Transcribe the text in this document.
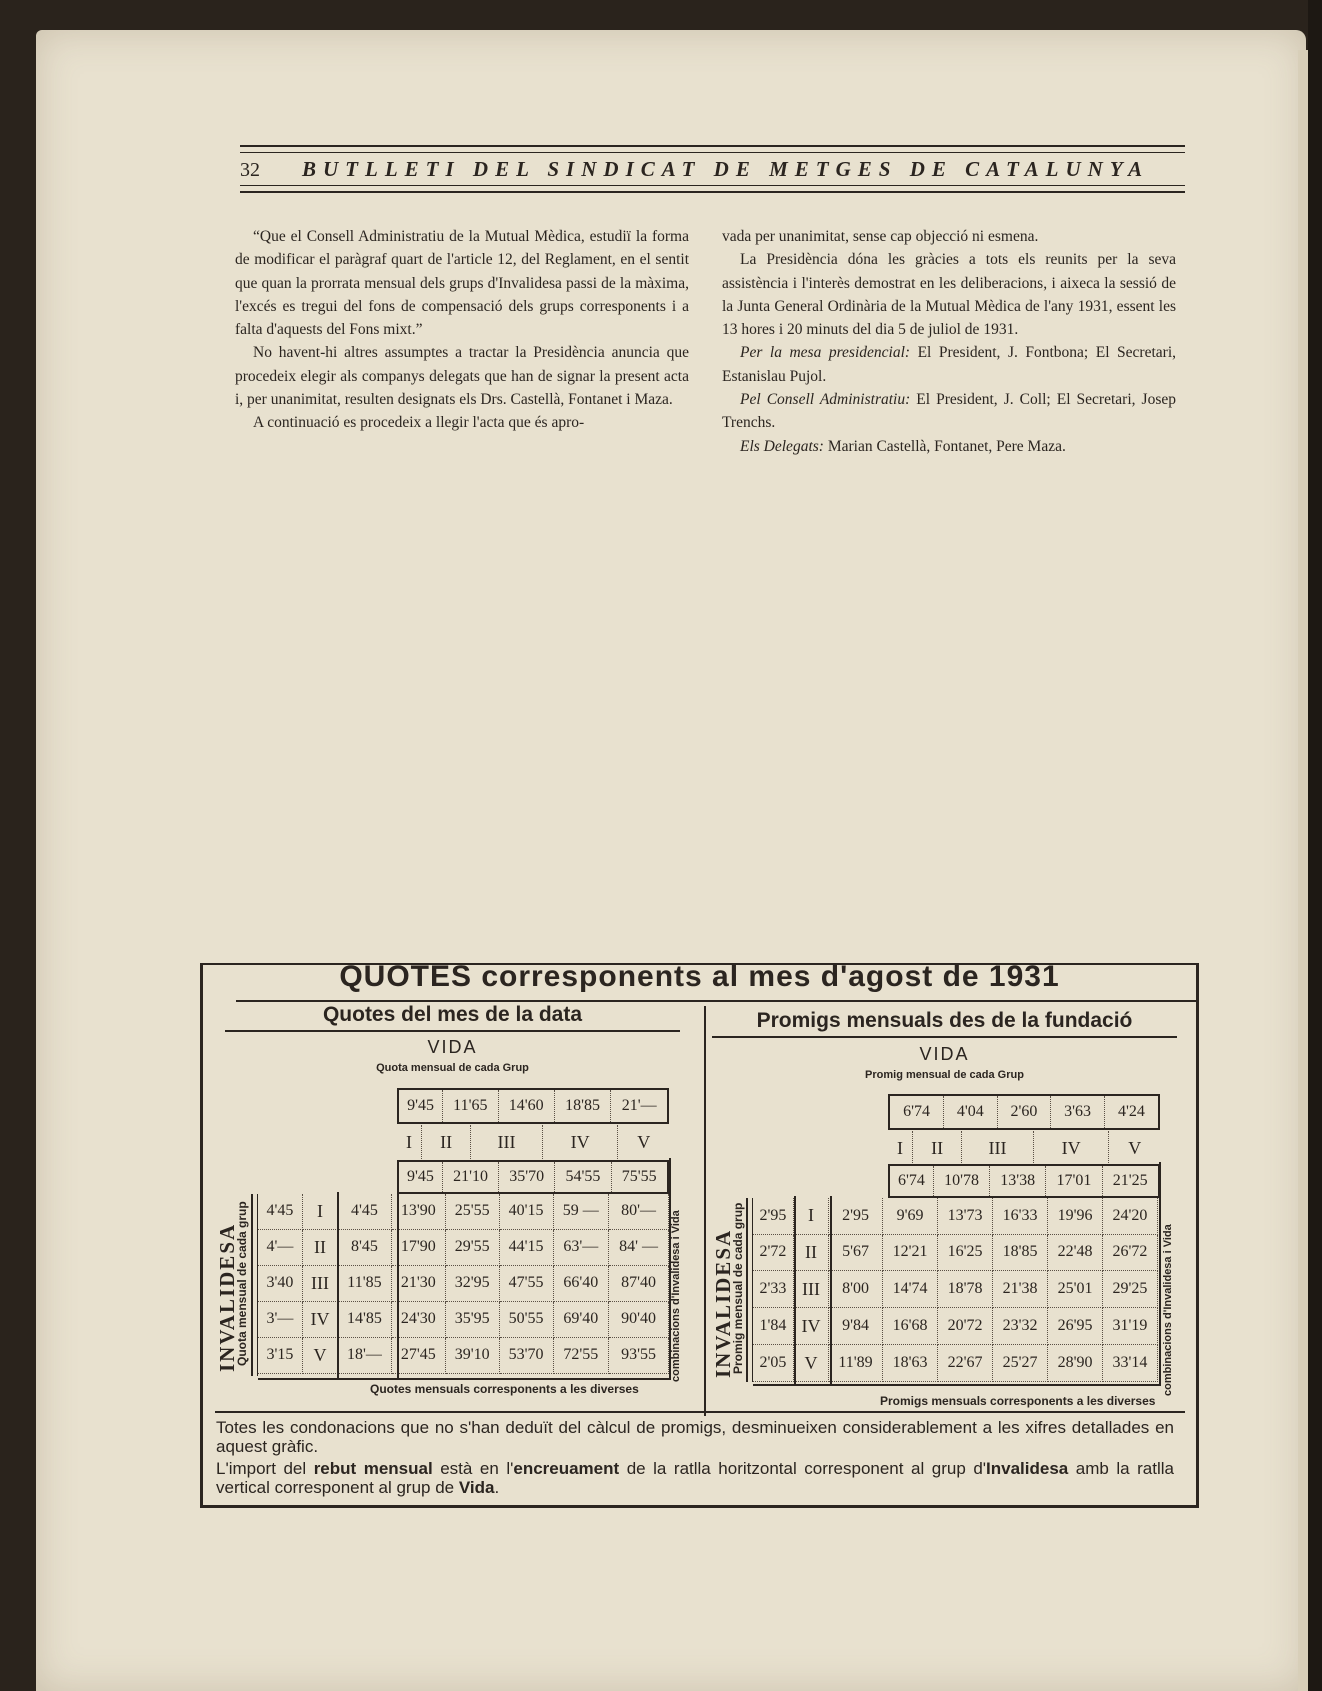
32 BUTLLETI DEL SINDICAT DE METGES DE CATALUNYA

“Que el Consell Administratiu de la Mutual Mèdica, estudiï la forma de modificar el paràgraf quart de l'article 12, del Reglament, en el sentit que quan la prorrata mensual dels grups d'Invalidesa passi de la màxima, l'excés es tregui del fons de compensació dels grups corresponents i a falta d'aquests del Fons mixt.”

No havent-hi altres assumptes a tractar la Presidència anuncia que procedeix elegir als companys delegats que han de signar la present acta i, per unanimitat, resulten designats els Drs. Castellà, Fontanet i Maza.

A continuació es procedeix a llegir l'acta que és apro-

vada per unanimitat, sense cap objecció ni esmena.

La Presidència dóna les gràcies a tots els reunits per la seva assistència i l'interès demostrat en les deliberacions, i aixeca la sessió de la Junta General Ordinària de la Mutual Mèdica de l'any 1931, essent les 13 hores i 20 minuts del dia 5 de juliol de 1931.

Per la mesa presidencial: El President, J. Fontbona; El Secretari, Estanislau Pujol.

Pel Consell Administratiu: El President, J. Coll; El Secretari, Josep Trenchs.

Els Delegats: Marian Castellà, Fontanet, Pere Maza.

QUOTES corresponents al mes d'agost de 1931
Quotes del mes de la data
VIDA
Quota mensual de cada Grup
Promigs mensuals des de la fundació
VIDA
Promig mensual de cada Grup
9'45	11'65	14'60	18'85	21'—
I	II	III	IV	V
9'45	21'10	35'70	54'55	75'55
INVALIDESA
Quota mensual de cada grup 4'45	I	4'45	13'90	25'55	40'15	59 —	80'—
4'—	II	8'45	17'90	29'55	44'15	63'—	84' —
3'40	III	11'85	21'30	32'95	47'55	66'40	87'40
3'—	IV	14'85	24'30	35'95	50'55	69'40	90'40
3'15	V	18'—	27'45	39'10	53'70	72'55	93'55 combinacions d'Invalidesa i Vida
Quotes mensuals corresponents a les diverses
6'74	4'04	2'60	3'63	4'24
I	II	III	IV	V
6'74	10'78	13'38	17'01	21'25
INVALIDESA
Promig mensual de cada grup 2'95	I	2'95	9'69	13'73	16'33	19'96	24'20
2'72	II	5'67	12'21	16'25	18'85	22'48	26'72
2'33	III	8'00	14'74	18'78	21'38	25'01	29'25
1'84	IV	9'84	16'68	20'72	23'32	26'95	31'19
2'05	V	11'89	18'63	22'67	25'27	28'90	33'14 combinacions d'Invalidesa i Vida
Promigs mensuals corresponents a les diverses
Totes les condonacions que no s'han deduït del càlcul de promigs, desminueixen considerablement a les xifres detallades en aquest gràfic.
L'import del rebut mensual està en l'encreuament de la ratlla horitzontal corresponent al grup d'Invalidesa amb la ratlla vertical corresponent al grup de Vida.
